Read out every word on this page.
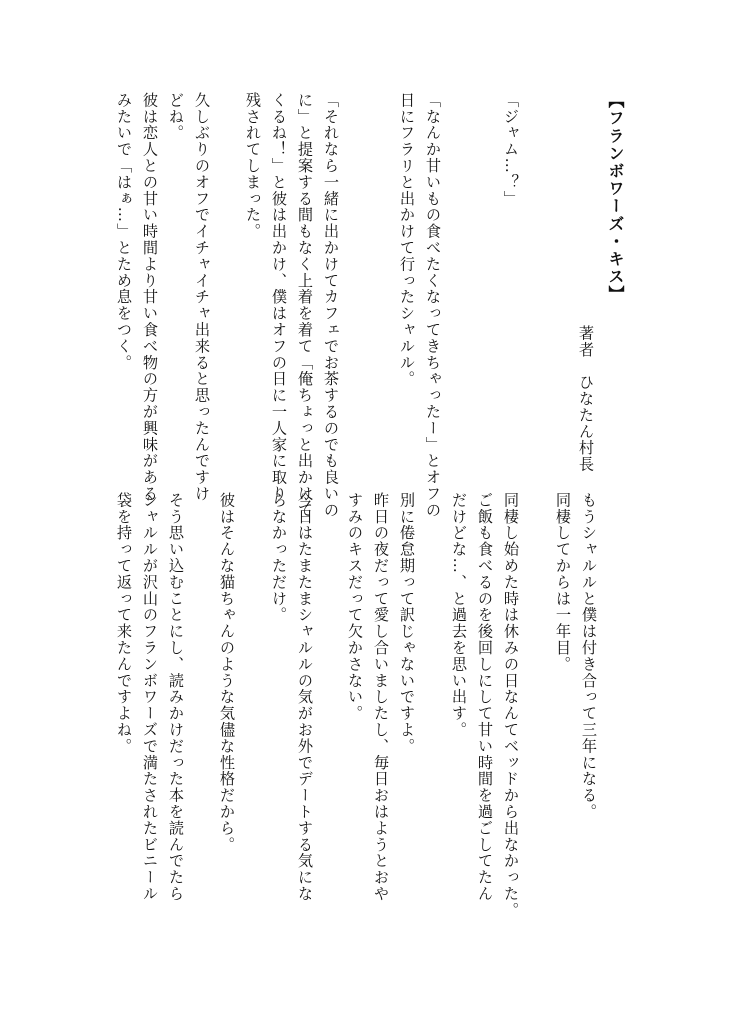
【フランボワーズ・キス】

著者　ひなたん村長

「ジャム…？」

「なんか甘いもの食べたくなってきちゃったー」とオフの

日にフラリと出かけて行ったシャルル。

「それなら一緒に出かけてカフェでお茶するのでも良いの

に」と提案する間もなく上着を着て「俺ちょっと出かけて

くるね！」と彼は出かけ、僕はオフの日に一人家に取り

残されてしまった。

久しぶりのオフでイチャイチャ出来ると思ったんですけ

どね。

彼は恋人との甘い時間より甘い食べ物の方が興味がある

みたいで「はぁ…」とため息をつく。

もうシャルルと僕は付き合って三年になる。

同棲してからは一年目。

同棲し始めた時は休みの日なんてベッドから出なかった。

ご飯も食べるのを後回しにして甘い時間を過ごしてたん

だけどな…、と過去を思い出す。

別に倦怠期って訳じゃないですよ。

昨日の夜だって愛し合いましたし、毎日おはようとおや

すみのキスだって欠かさない。

今日はたまたまシャルルの気がお外でデートする気にな

らなかっただけ。

彼はそんな猫ちゃんのような気儘な性格だから。

そう思い込むことにし、読みかけだった本を読んでたら

シャルルが沢山のフランボワーズで満たされたビニール

袋を持って返って来たんですよね。
